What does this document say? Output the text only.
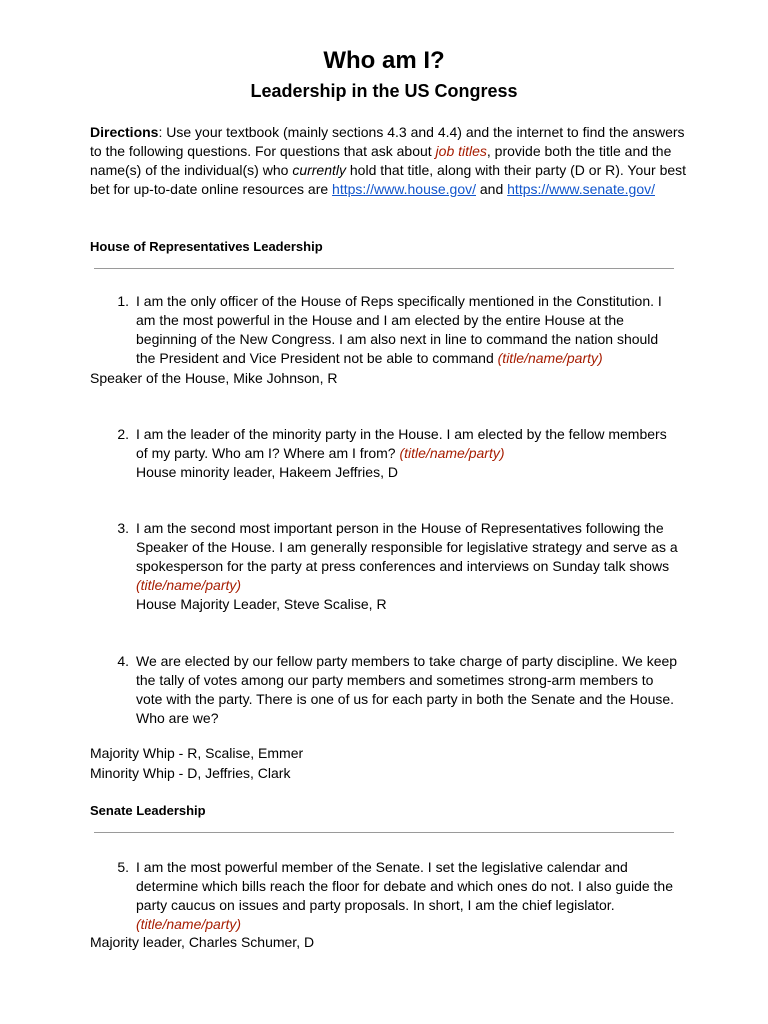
Who am I?
Leadership in the US Congress
Directions: Use your textbook (mainly sections 4.3 and 4.4) and the internet to find the answers to the following questions. For questions that ask about job titles, provide both the title and the name(s) of the individual(s) who currently hold that title, along with their party (D or R). Your best bet for up-to-date online resources are https://www.house.gov/ and https://www.senate.gov/
House of Representatives Leadership
1. I am the only officer of the House of Reps specifically mentioned in the Constitution. I am the most powerful in the House and I am elected by the entire House at the beginning of the New Congress. I am also next in line to command the nation should the President and Vice President not be able to command (title/name/party)
Speaker of the House, Mike Johnson, R
2. I am the leader of the minority party in the House. I am elected by the fellow members of my party. Who am I? Where am I from? (title/name/party)
House minority leader, Hakeem Jeffries, D
3. I am the second most important person in the House of Representatives following the Speaker of the House. I am generally responsible for legislative strategy and serve as a spokesperson for the party at press conferences and interviews on Sunday talk shows (title/name/party)
House Majority Leader, Steve Scalise, R
4. We are elected by our fellow party members to take charge of party discipline. We keep the tally of votes among our party members and sometimes strong-arm members to vote with the party. There is one of us for each party in both the Senate and the House. Who are we?
Majority Whip - R, Scalise, Emmer
Minority Whip - D, Jeffries, Clark
Senate Leadership
5. I am the most powerful member of the Senate. I set the legislative calendar and determine which bills reach the floor for debate and which ones do not. I also guide the party caucus on issues and party proposals. In short, I am the chief legislator. (title/name/party)
Majority leader, Charles Schumer, D
